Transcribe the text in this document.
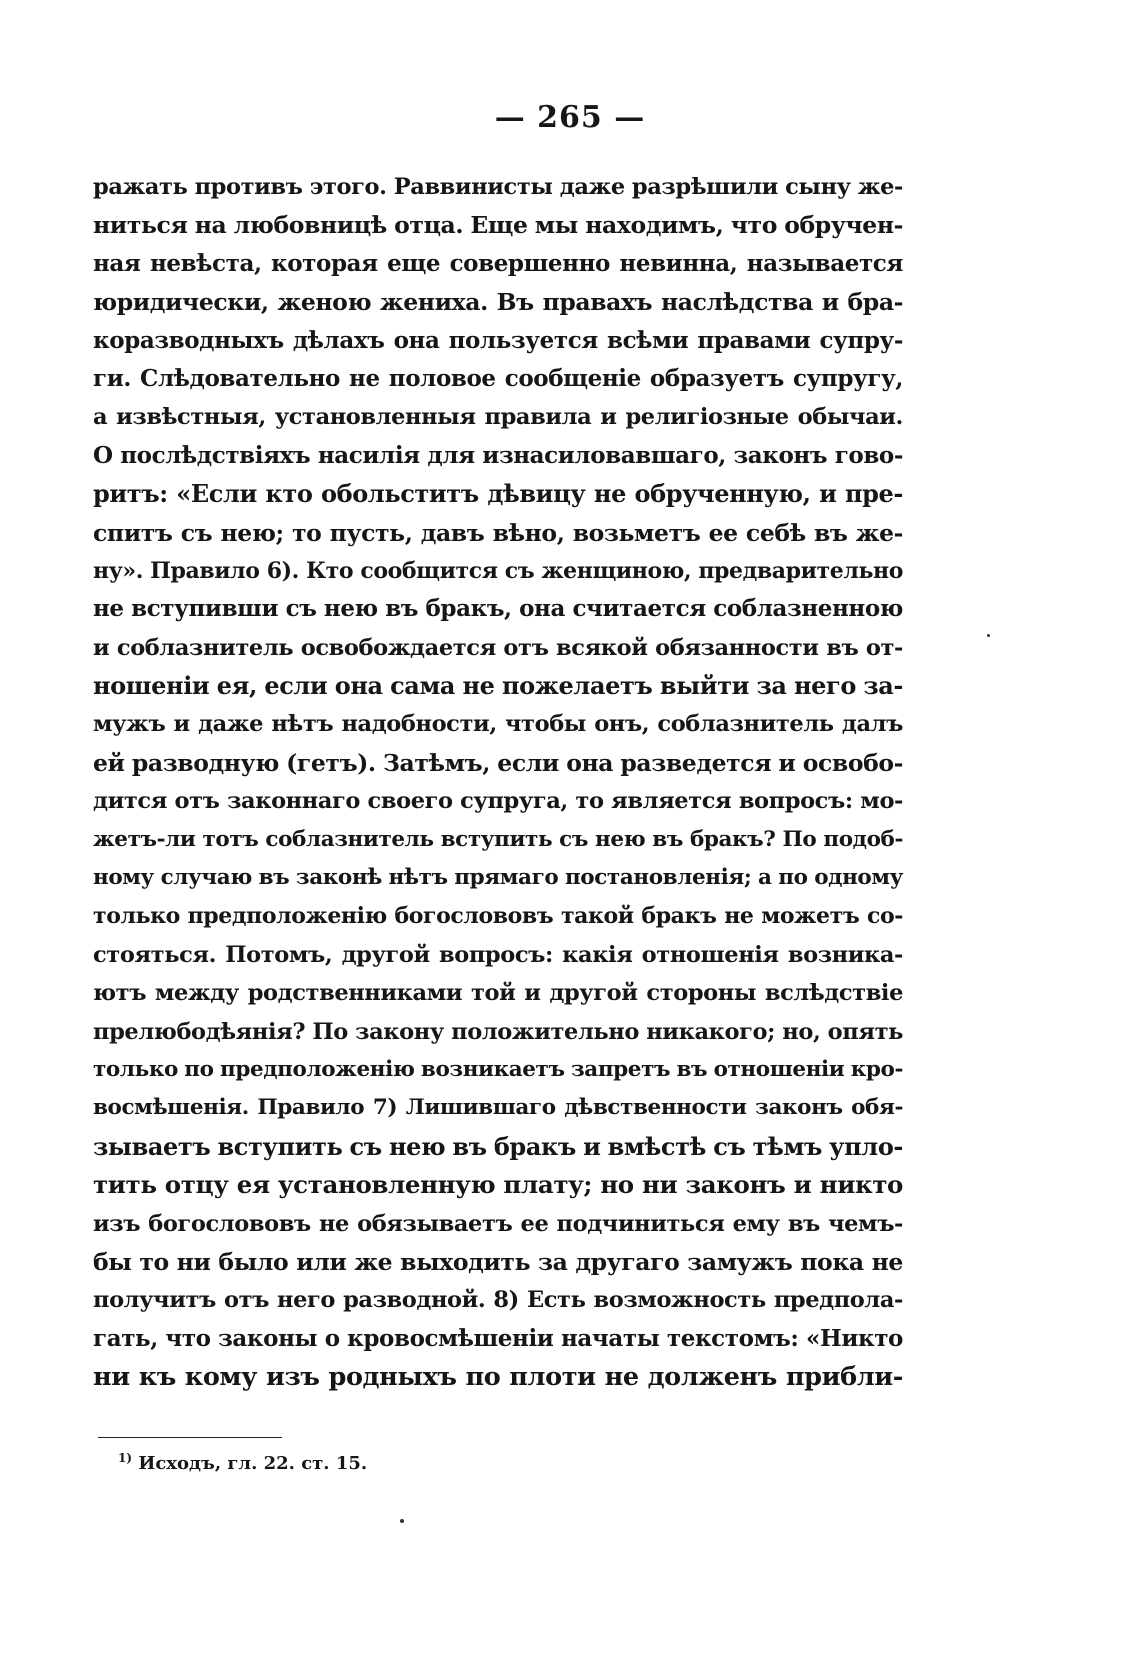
— 265 —
ражать противъ этого. Раввинисты даже разрѣшили сыну же-
ниться на любовницѣ отца. Еще мы находимъ, что обручен-
ная невѣста, которая еще совершенно невинна, называется
юридически, женою жениха. Въ правахъ наслѣдства и бра-
коразводныхъ дѣлахъ она пользуется всѣми правами супру-
ги. Слѣдовательно не половое сообщенiе образуетъ супругу,
а извѣстныя, установленныя правила и религiозные обычаи.
О послѣдствiяхъ насилiя для изнасиловавшаго, законъ гово-
ритъ: «Если кто обольститъ дѣвицу не обрученную, и пре-
спитъ съ нею; то пусть, давъ вѣно, возьметъ ее себѣ въ же-
ну». Правило 6). Кто сообщится съ женщиною, предварительно
не вступивши съ нею въ бракъ, она считается соблазненною
и соблазнитель освобождается отъ всякой обязанности въ от-
ношенiи ея, если она сама не пожелаетъ выйти за него за-
мужъ и даже нѣтъ надобности, чтобы онъ, соблазнитель далъ
ей разводную (гетъ). Затѣмъ, если она разведется и освобо-
дится отъ законнаго своего супруга, то является вопросъ: мо-
жетъ-ли тотъ соблазнитель вступить съ нею въ бракъ? По подоб-
ному случаю въ законѣ нѣтъ прямаго постановленiя; а по одному
только предположенiю богослововъ такой бракъ не можетъ со-
стояться. Потомъ, другой вопросъ: какiя отношенiя возника-
ютъ между родственниками той и другой стороны вслѣдствiе
прелюбодѣянiя? По закону положительно никакого; но, опять
только по предположенiю возникаетъ запретъ въ отношенiи кро-
восмѣшенiя. Правило 7) Лишившаго дѣвственности законъ обя-
зываетъ вступить съ нею въ бракъ и вмѣстѣ съ тѣмъ упло-
тить отцу ея установленную плату; но ни законъ и никто
изъ богослововъ не обязываетъ ее подчиниться ему въ чемъ-
бы то ни было или же выходить за другаго замужъ пока не
получитъ отъ него разводной. 8) Есть возможность предпола-
гать, что законы о кровосмѣшенiи начаты текстомъ: «Никто
ни къ кому изъ родныхъ по плоти не долженъ прибли-
$^{1)}$ Исходъ, гл. 22. ст. 15.
